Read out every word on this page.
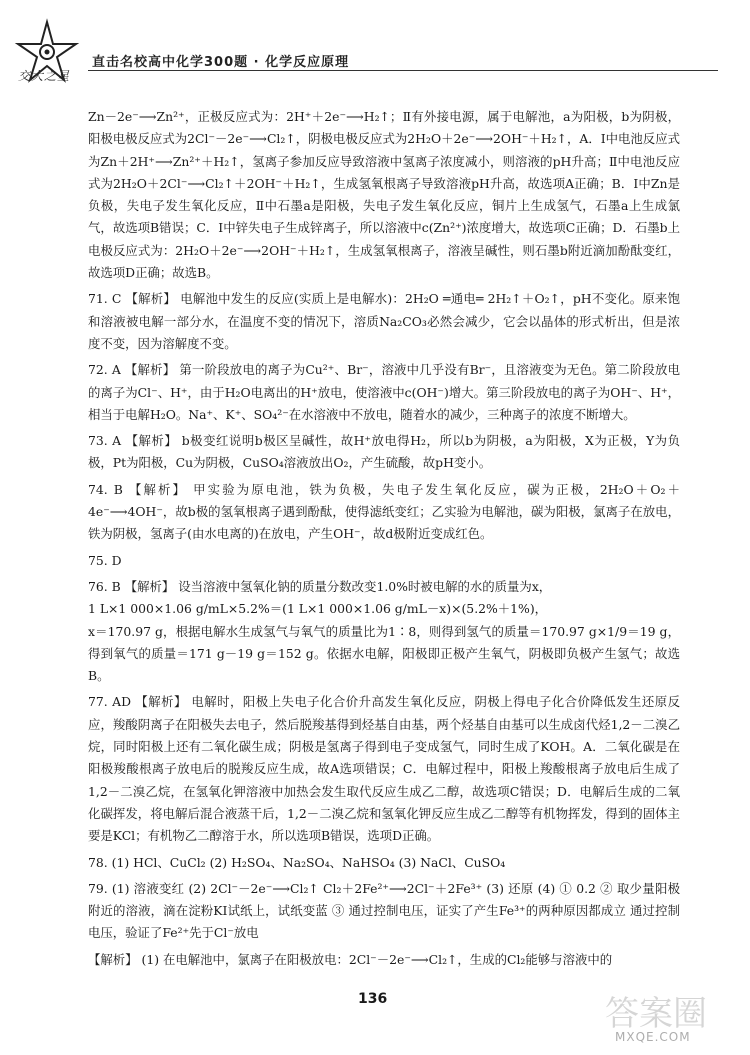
交大之星
直击名校高中化学300题 · 化学反应原理

Zn－2e⁻⟶Zn²⁺，正极反应式为：2H⁺＋2e⁻⟶H₂↑；Ⅱ有外接电源，属于电解池，a为阳极，b为阴极，阳极电极反应式为2Cl⁻－2e⁻⟶Cl₂↑，阴极电极反应式为2H₂O＋2e⁻⟶2OH⁻＋H₂↑，A．Ⅰ中电池反应式为Zn＋2H⁺⟶Zn²⁺＋H₂↑，氢离子参加反应导致溶液中氢离子浓度减小，则溶液的pH升高；Ⅱ中电池反应式为2H₂O＋2Cl⁻⟶Cl₂↑＋2OH⁻＋H₂↑，生成氢氧根离子导致溶液pH升高，故选项A正确；B．Ⅰ中Zn是负极，失电子发生氧化反应，Ⅱ中石墨a是阳极，失电子发生氧化反应，铜片上生成氢气，石墨a上生成氯气，故选项B错误；C．Ⅰ中锌失电子生成锌离子，所以溶液中c(Zn²⁺)浓度增大，故选项C正确；D．石墨b上电极反应式为：2H₂O＋2e⁻⟶2OH⁻＋H₂↑，生成氢氧根离子，溶液呈碱性，则石墨b附近滴加酚酞变红，故选项D正确；故选B。

71. C 【解析】 电解池中发生的反应(实质上是电解水)：2H₂O ═通电═ 2H₂↑＋O₂↑，pH不变化。原来饱和溶液被电解一部分水，在温度不变的情况下，溶质Na₂CO₃必然会减少，它会以晶体的形式析出，但是浓度不变，因为溶解度不变。

72. A 【解析】 第一阶段放电的离子为Cu²⁺、Br⁻，溶液中几乎没有Br⁻，且溶液变为无色。第二阶段放电的离子为Cl⁻、H⁺，由于H₂O电离出的H⁺放电，使溶液中c(OH⁻)增大。第三阶段放电的离子为OH⁻、H⁺，相当于电解H₂O。Na⁺、K⁺、SO₄²⁻在水溶液中不放电，随着水的减少，三种离子的浓度不断增大。

73. A 【解析】 b极变红说明b极区呈碱性，故H⁺放电得H₂，所以b为阴极，a为阳极，X为正极，Y为负极，Pt为阳极，Cu为阴极，CuSO₄溶液放出O₂，产生硫酸，故pH变小。

74. B 【解析】 甲实验为原电池，铁为负极，失电子发生氧化反应，碳为正极，2H₂O＋O₂＋4e⁻⟶4OH⁻，故b极的氢氧根离子遇到酚酞，使得滤纸变红；乙实验为电解池，碳为阳极，氯离子在放电，铁为阴极，氢离子(由水电离的)在放电，产生OH⁻，故d极附近变成红色。

75. D

76. B 【解析】 设当溶液中氢氧化钠的质量分数改变1.0%时被电解的水的质量为x，

1 L×1 000×1.06 g/mL×5.2%＝(1 L×1 000×1.06 g/mL－x)×(5.2%＋1%)，

x＝170.97 g，根据电解水生成氢气与氧气的质量比为1∶8，则得到氢气的质量＝170.97 g×1/9＝19 g，得到氧气的质量＝171 g－19 g＝152 g。依据水电解，阳极即正极产生氧气，阴极即负极产生氢气；故选B。

77. AD 【解析】 电解时，阳极上失电子化合价升高发生氧化反应，阴极上得电子化合价降低发生还原反应，羧酸阴离子在阳极失去电子，然后脱羧基得到烃基自由基，两个烃基自由基可以生成卤代烃1,2－二溴乙烷，同时阳极上还有二氧化碳生成；阴极是氢离子得到电子变成氢气，同时生成了KOH。A．二氧化碳是在阳极羧酸根离子放电后的脱羧反应生成，故A选项错误；C．电解过程中，阳极上羧酸根离子放电后生成了1,2－二溴乙烷，在氢氧化钾溶液中加热会发生取代反应生成乙二醇，故选项C错误；D．电解后生成的二氧化碳挥发，将电解后混合液蒸干后，1,2－二溴乙烷和氢氧化钾反应生成乙二醇等有机物挥发，得到的固体主要是KCl；有机物乙二醇溶于水，所以选项B错误，选项D正确。

78. (1) HCl、CuCl₂ (2) H₂SO₄、Na₂SO₄、NaHSO₄ (3) NaCl、CuSO₄

79. (1) 溶液变红 (2) 2Cl⁻－2e⁻⟶Cl₂↑ Cl₂＋2Fe²⁺⟶2Cl⁻＋2Fe³⁺ (3) 还原 (4) ① 0.2 ② 取少量阳极附近的溶液，滴在淀粉KI试纸上，试纸变蓝 ③ 通过控制电压，证实了产生Fe³⁺的两种原因都成立 通过控制电压，验证了Fe²⁺先于Cl⁻放电

【解析】 (1) 在电解池中，氯离子在阳极放电：2Cl⁻－2e⁻⟶Cl₂↑，生成的Cl₂能够与溶液中的

136	答案圈
MXQE.COM
